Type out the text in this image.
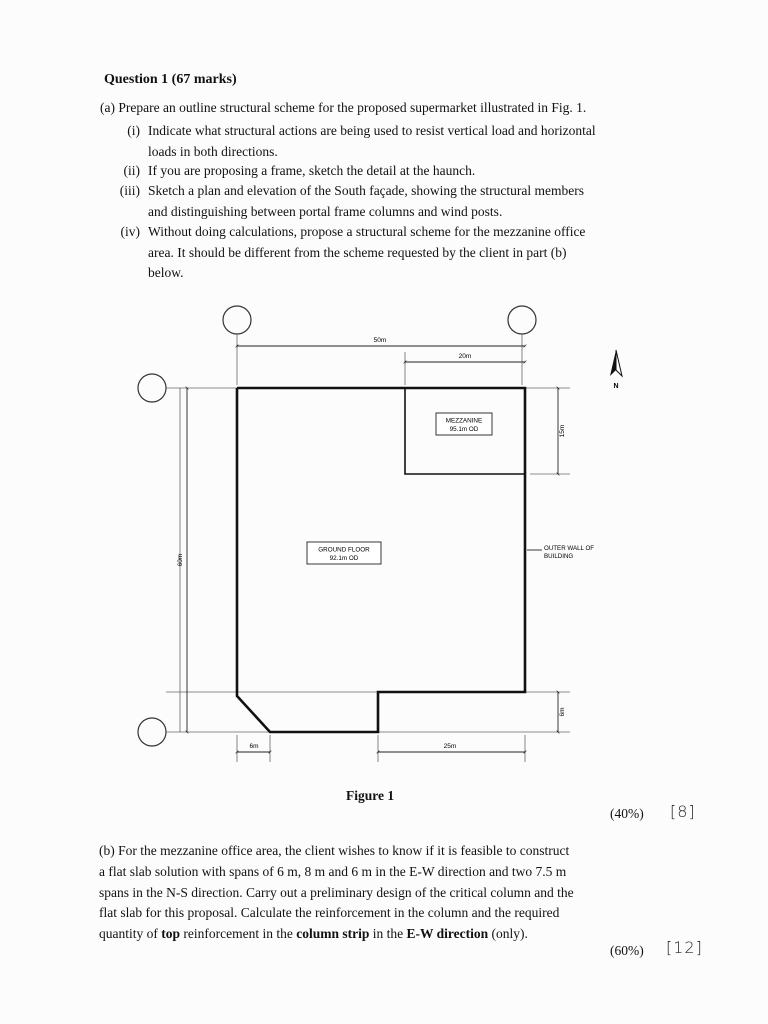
Question 1 (67 marks)
(a) Prepare an outline structural scheme for the proposed supermarket illustrated in Fig. 1.
(i) Indicate what structural actions are being used to resist vertical load and horizontal
loads in both directions.
(ii) If you are proposing a frame, sketch the detail at the haunch.
(iii) Sketch a plan and elevation of the South façade, showing the structural members
and distinguishing between portal frame columns and wind posts.
(iv) Without doing calculations, propose a structural scheme for the mezzanine office
area. It should be different from the scheme requested by the client in part (b)
below.
MEZZANINE
95.1m OD
GROUND FLOOR
92.1m OD
OUTER WALL OF
BUILDING
50m
20m
6m	25m
15m
60m
6m
N
Figure 1
(40%) [8]
(b) For the mezzanine office area, the client wishes to know if it is feasible to construct
a flat slab solution with spans of 6 m, 8 m and 6 m in the E-W direction and two 7.5 m
spans in the N-S direction. Carry out a preliminary design of the critical column and the
flat slab for this proposal. Calculate the reinforcement in the column and the required
quantity of top reinforcement in the column strip in the E-W direction (only).
(60%) [12]
